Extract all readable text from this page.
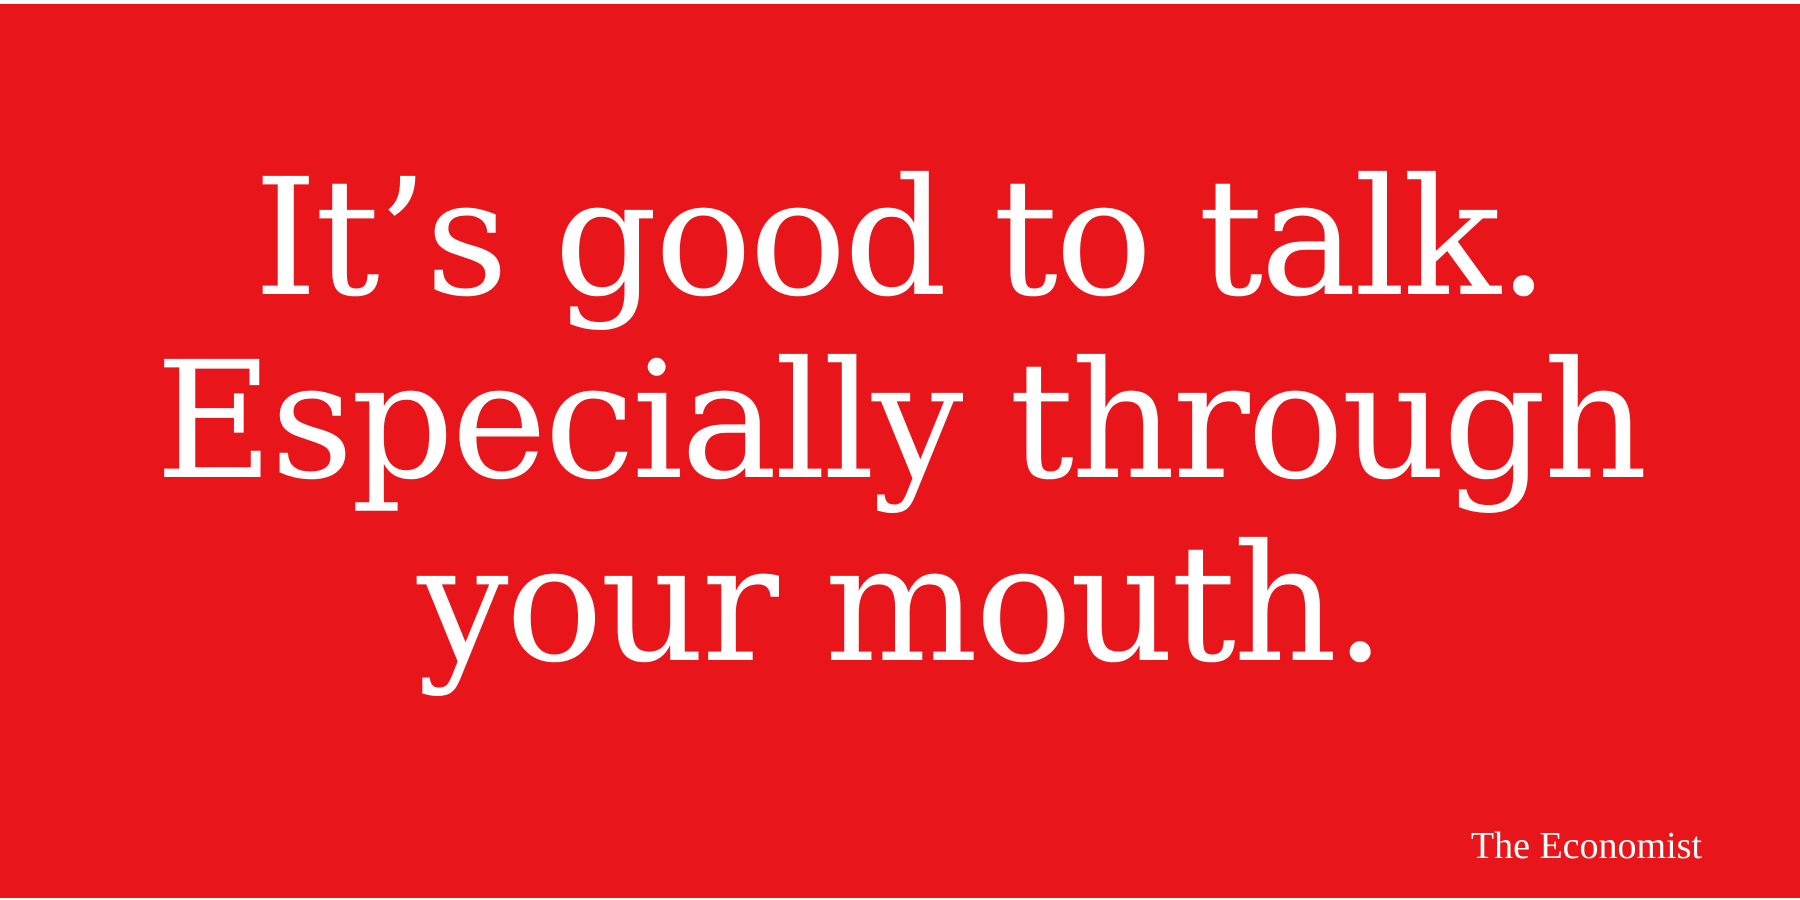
It’s good to talk.
Especially through
your mouth.
The Economist
